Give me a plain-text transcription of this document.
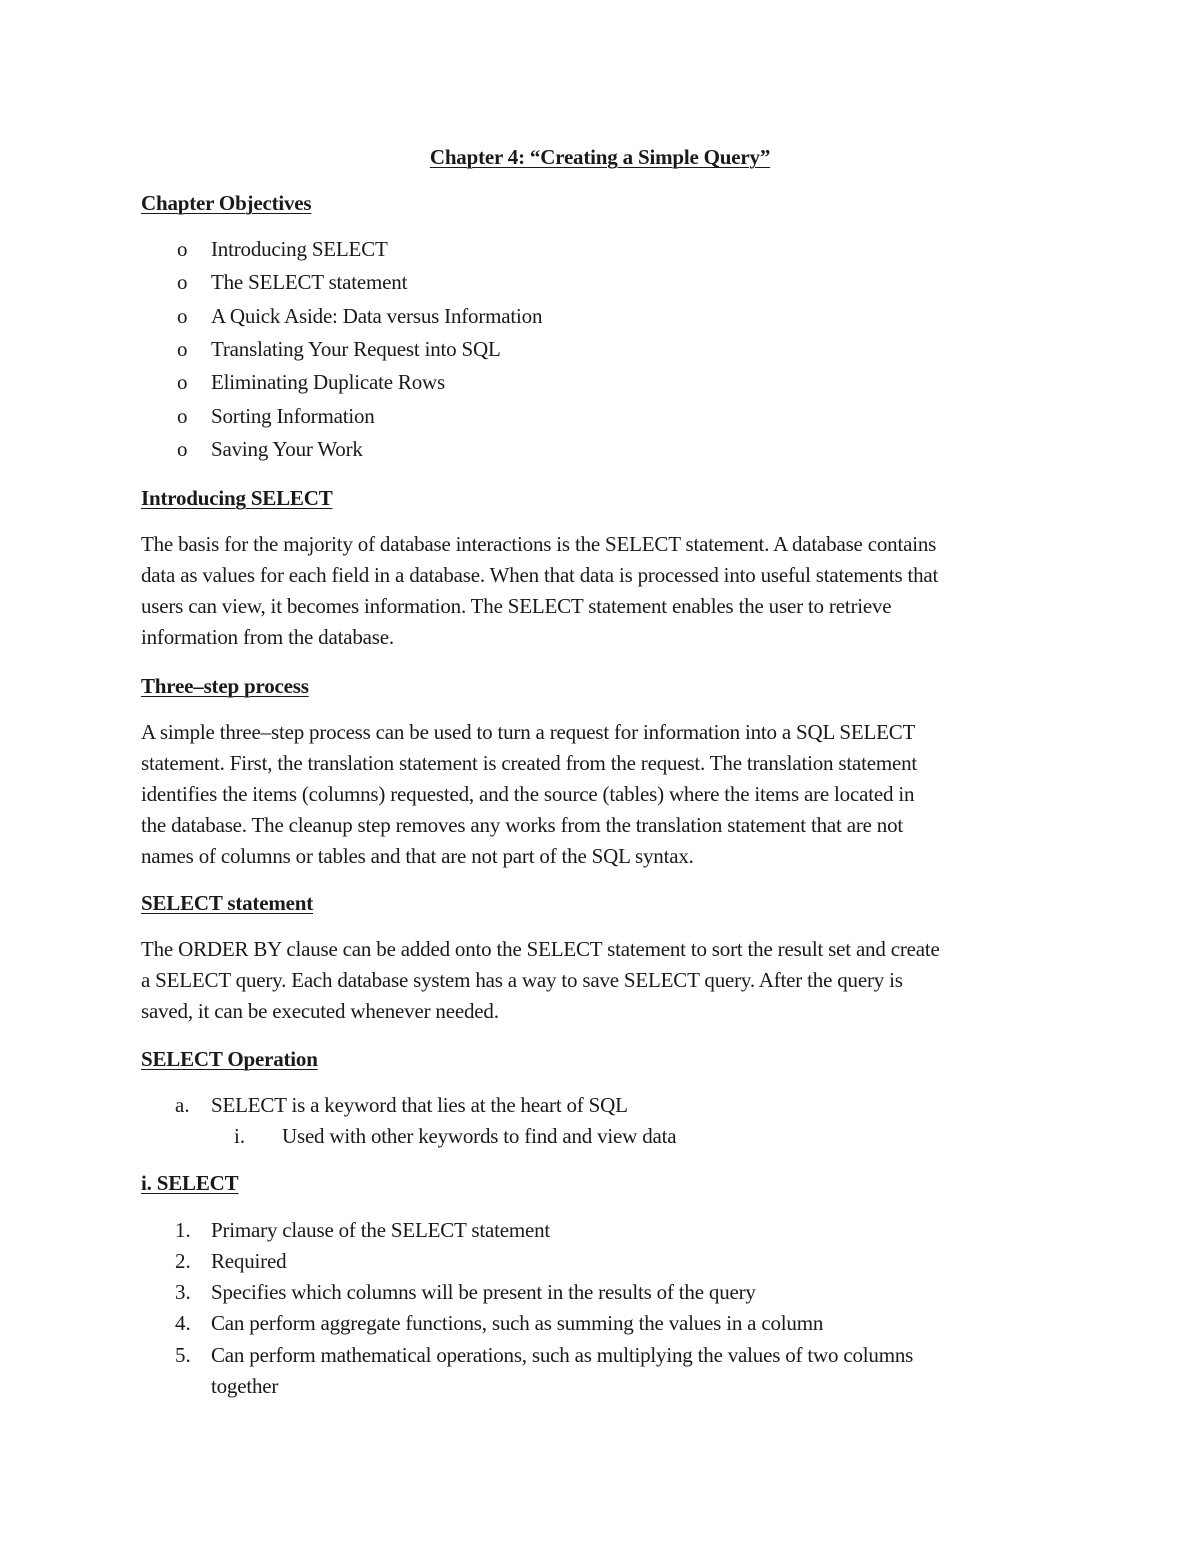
Chapter 4: “Creating a Simple Query”
Chapter Objectives
o Introducing SELECT
o The SELECT statement
o A Quick Aside: Data versus Information
o Translating Your Request into SQL
o Eliminating Duplicate Rows
o Sorting Information
o Saving Your Work
Introducing SELECT
The basis for the majority of database interactions is the SELECT statement. A database contains
data as values for each field in a database. When that data is processed into useful statements that
users can view, it becomes information. The SELECT statement enables the user to retrieve
information from the database.
Three–step process
A simple three–step process can be used to turn a request for information into a SQL SELECT
statement. First, the translation statement is created from the request. The translation statement
identifies the items (columns) requested, and the source (tables) where the items are located in
the database. The cleanup step removes any works from the translation statement that are not
names of columns or tables and that are not part of the SQL syntax.
SELECT statement
The ORDER BY clause can be added onto the SELECT statement to sort the result set and create
a SELECT query. Each database system has a way to save SELECT query. After the query is
saved, it can be executed whenever needed.
SELECT Operation
a. SELECT is a keyword that lies at the heart of SQL
i. Used with other keywords to find and view data
i. SELECT
1. Primary clause of the SELECT statement
2. Required
3. Specifies which columns will be present in the results of the query
4. Can perform aggregate functions, such as summing the values in a column
5. Can perform mathematical operations, such as multiplying the values of two columns
together
